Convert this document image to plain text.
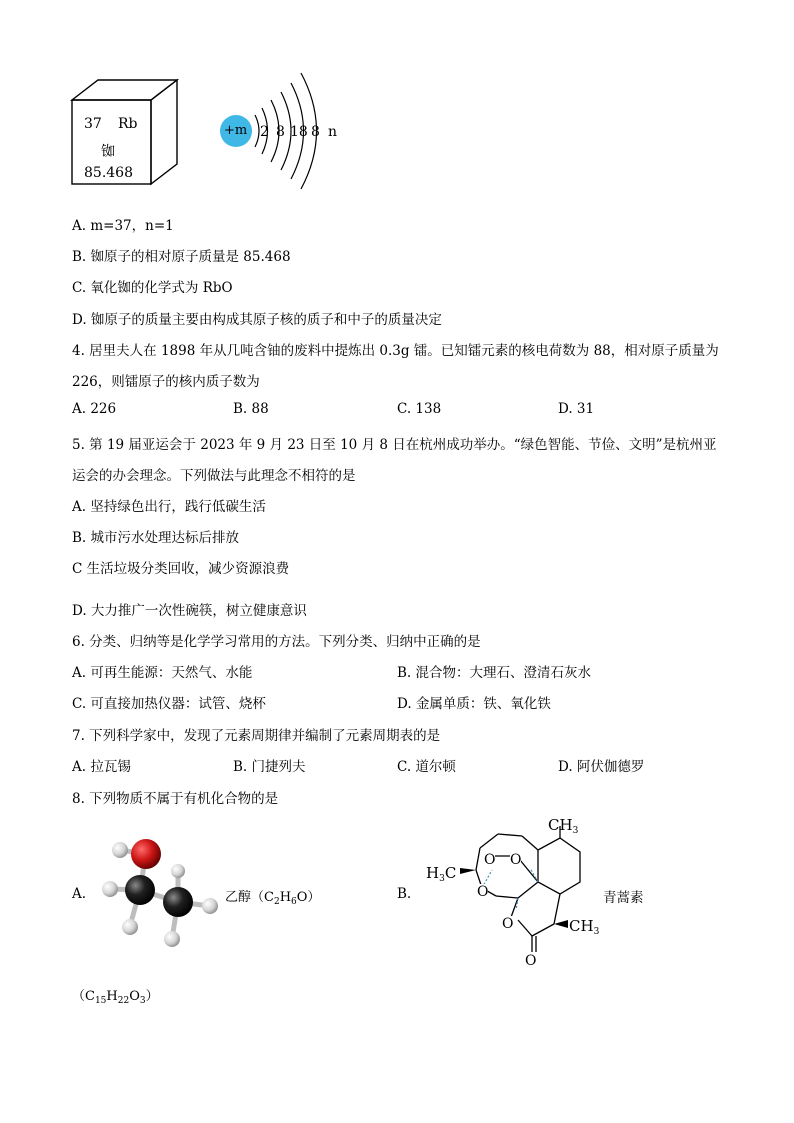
37 Rb
铷
85.468
+m 2 8 18 8 n
A. m=37，n=1
B. 铷原子的相对原子质量是 85.468
C. 氧化铷的化学式为 RbO
D. 铷原子的质量主要由构成其原子核的质子和中子的质量决定
4. 居里夫人在 1898 年从几吨含铀的废料中提炼出 0.3g 镭。已知镭元素的核电荷数为 88，相对原子质量为
226，则镭原子的核内质子数为
A. 226	B. 88	C. 138	D. 31
5. 第 19 届亚运会于 2023 年 9 月 23 日至 10 月 8 日在杭州成功举办。“绿色智能、节俭、文明”是杭州亚
运会的办会理念。下列做法与此理念不相符的是
A. 坚持绿色出行，践行低碳生活
B. 城市污水处理达标后排放
C 生活垃圾分类回收，减少资源浪费
D. 大力推广一次性碗筷，树立健康意识
6. 分类、归纳等是化学学习常用的方法。下列分类、归纳中正确的是
A. 可再生能源：天然气、水能	B. 混合物：大理石、澄清石灰水
C. 可直接加热仪器：试管、烧杯	D. 金属单质：铁、氧化铁
7. 下列科学家中，发现了元素周期律并编制了元素周期表的是
A. 拉瓦锡	B. 门捷列夫	C. 道尔顿	D. 阿伏伽德罗
8. 下列物质不属于有机化合物的是
A.	乙醇$(C_2H_6O)$	B.
O O
O
O
O
$CH_3$
$H_3C$
$CH_3$
青蒿素
$(C_{15}H_{22}O_3)$
